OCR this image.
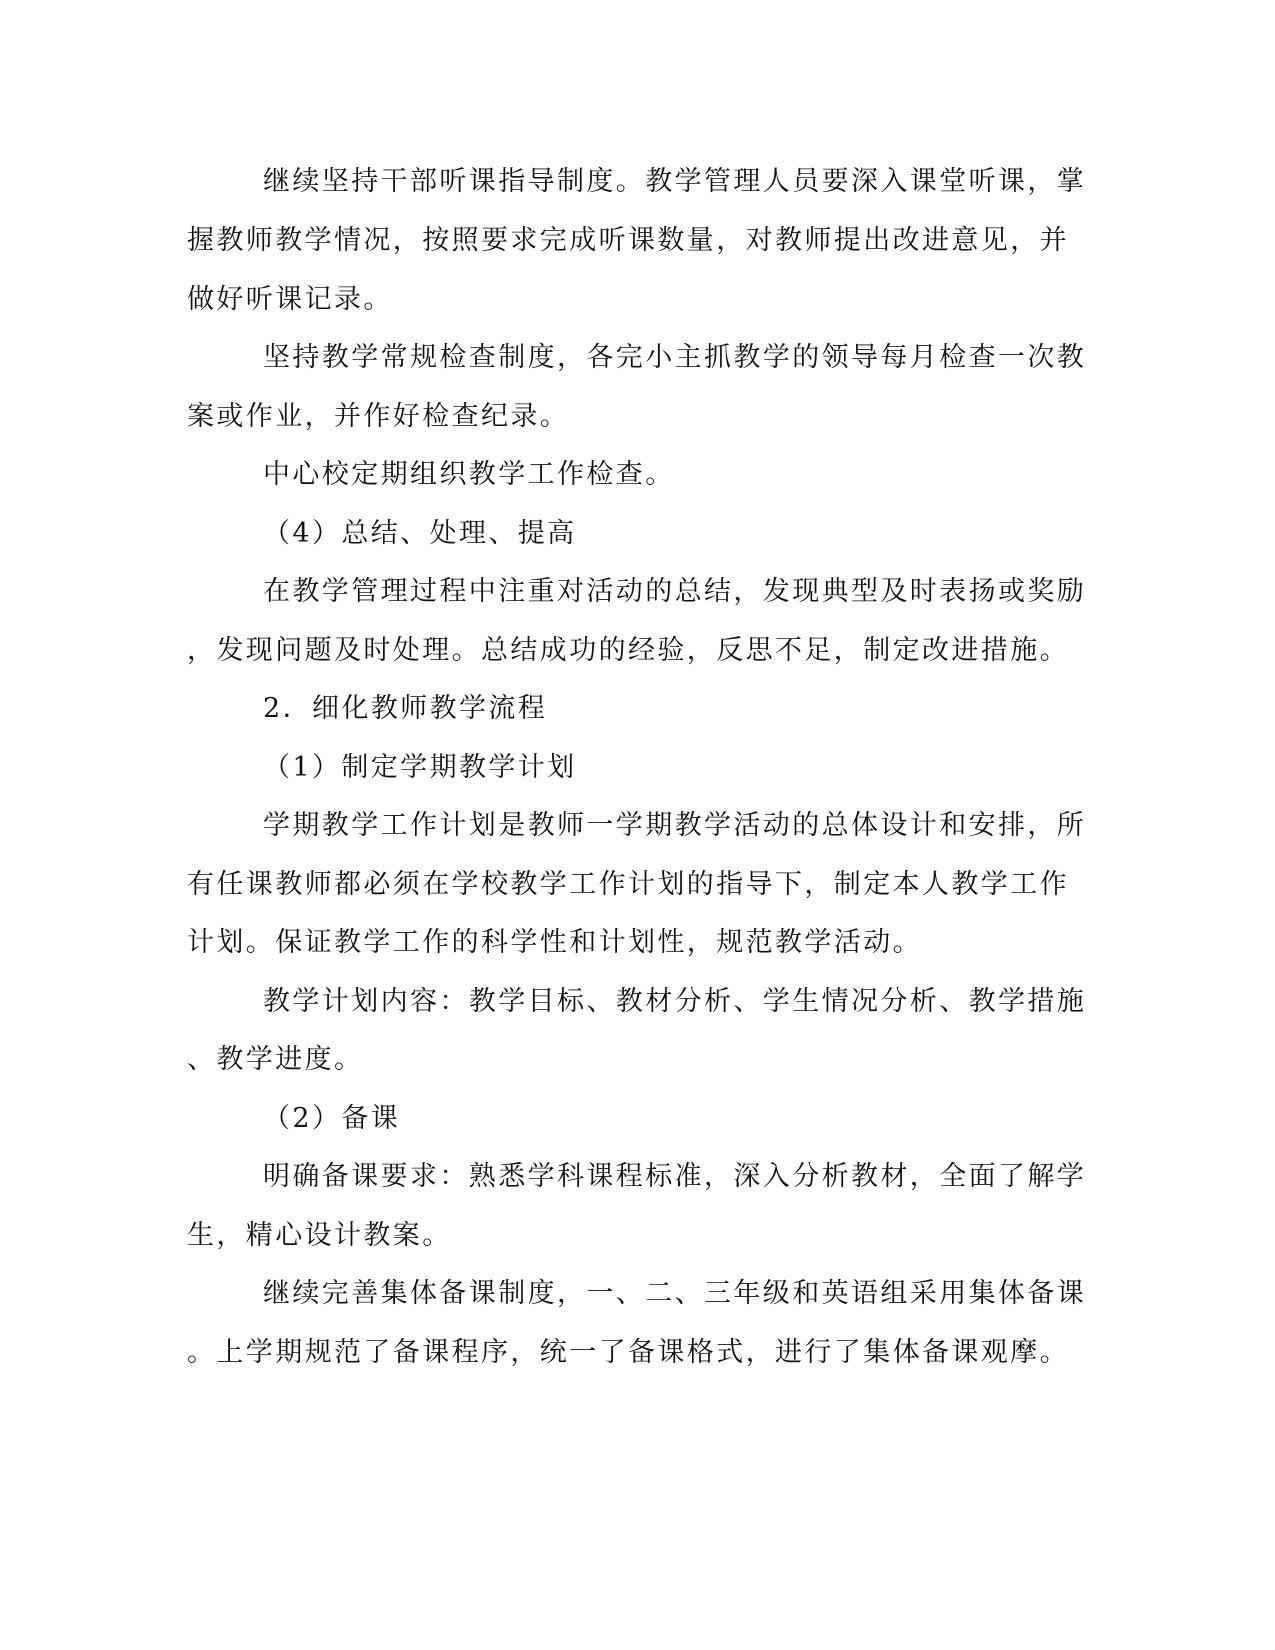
继续坚持干部听课指导制度。教学管理人员要深入课堂听课，掌
握教师教学情况，按照要求完成听课数量，对教师提出改进意见，并
做好听课记录。
坚持教学常规检查制度，各完小主抓教学的领导每月检查一次教
案或作业，并作好检查纪录。
中心校定期组织教学工作检查。
（4）总结、处理、提高
在教学管理过程中注重对活动的总结，发现典型及时表扬或奖励
，发现问题及时处理。总结成功的经验，反思不足，制定改进措施。
2．细化教师教学流程
（1）制定学期教学计划
学期教学工作计划是教师一学期教学活动的总体设计和安排，所
有任课教师都必须在学校教学工作计划的指导下，制定本人教学工作
计划。保证教学工作的科学性和计划性，规范教学活动。
教学计划内容：教学目标、教材分析、学生情况分析、教学措施
、教学进度。
（2）备课
明确备课要求：熟悉学科课程标准，深入分析教材，全面了解学
生，精心设计教案。
继续完善集体备课制度，一、二、三年级和英语组采用集体备课
。上学期规范了备课程序，统一了备课格式，进行了集体备课观摩。
